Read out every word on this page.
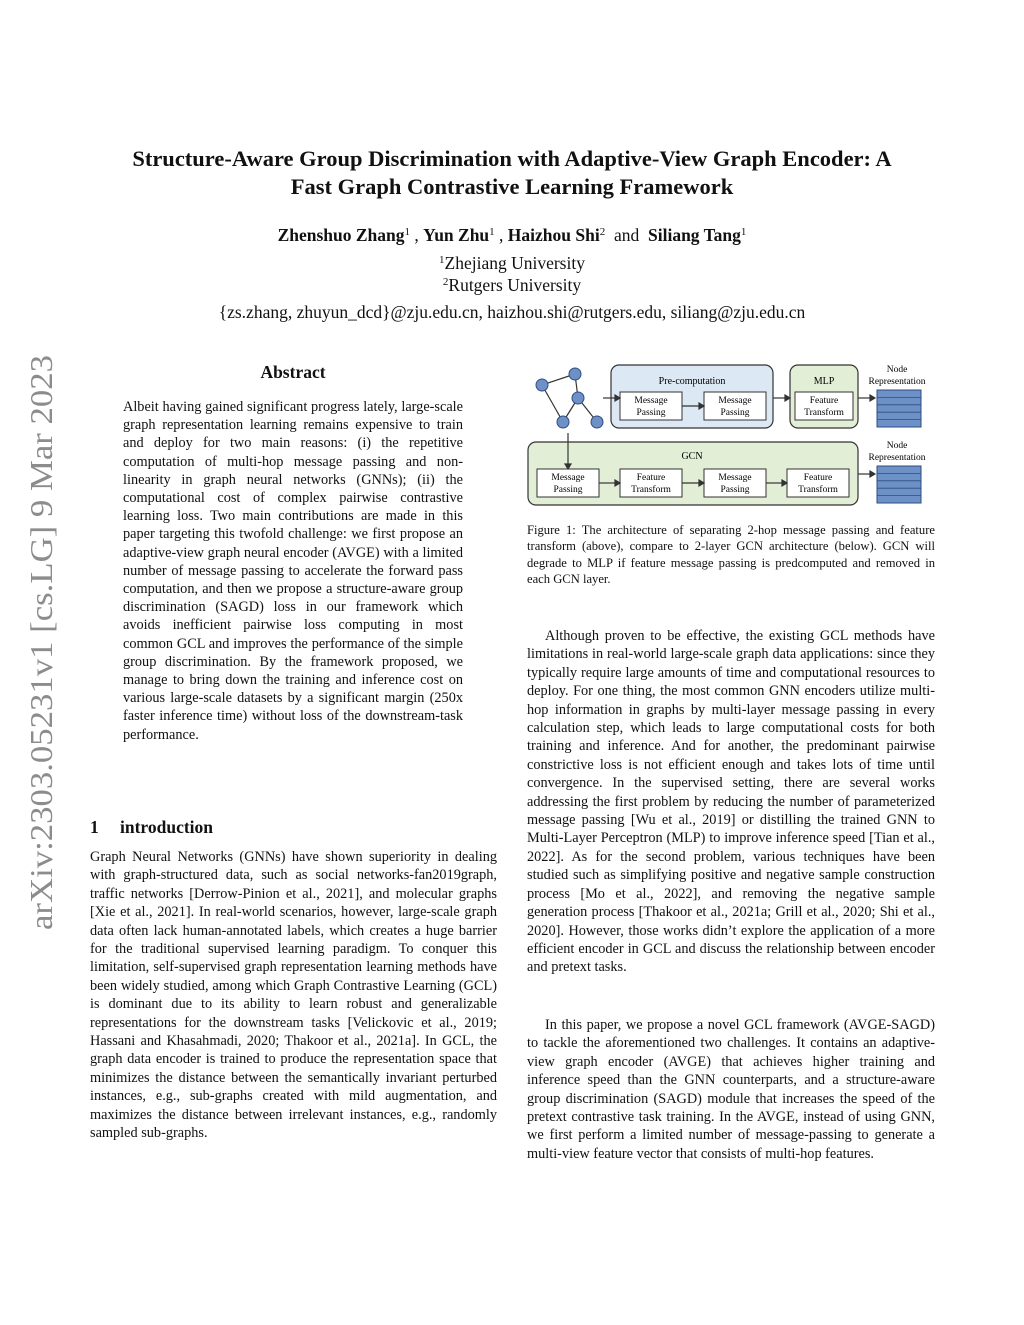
arXiv:2303.05231v1 [cs.LG] 9 Mar 2023
Structure-Aware Group Discrimination with Adaptive-View Graph Encoder: A
Fast Graph Contrastive Learning Framework
Zhenshuo Zhang$^1$ , Yun Zhu$^1$ , Haizhou Shi$^2$  and  Siliang Tang$^1$
$^1$Zhejiang University
$^2$Rutgers University
{zs.zhang, zhuyun_dcd}@zju.edu.cn, haizhou.shi@rutgers.edu, siliang@zju.edu.cn
Abstract

Albeit having gained significant progress lately, large-scale graph representation learning remains expensive to train and deploy for two main reasons: (i) the repetitive computation of multi-hop message passing and non-linearity in graph neural networks (GNNs); (ii) the computational cost of complex pairwise contrastive learning loss. Two main contributions are made in this paper targeting this twofold challenge: we first propose an adaptive-view graph neural encoder (AVGE) with a limited number of message passing to accelerate the forward pass computation, and then we propose a structure-aware group discrimination (SAGD) loss in our framework which avoids inefficient pairwise loss computing in most common GCL and improves the performance of the simple group discrimination. By the framework proposed, we manage to bring down the training and inference cost on various large-scale datasets by a significant margin (250x faster inference time) without loss of the downstream-task performance.

1 introduction

Graph Neural Networks (GNNs) have shown superiority in dealing with graph-structured data, such as social networks-fan2019graph, traffic networks [Derrow-Pinion et al., 2021], and molecular graphs [Xie et al., 2021]. In real-world scenarios, however, large-scale graph data often lack human-annotated labels, which creates a huge barrier for the traditional supervised learning paradigm. To conquer this limitation, self-supervised graph representation learning methods have been widely studied, among which Graph Contrastive Learning (GCL) is dominant due to its ability to learn robust and generalizable representations for the downstream tasks [Velickovic et al., 2019; Hassani and Khasahmadi, 2020; Thakoor et al., 2021a]. In GCL, the graph data encoder is trained to produce the representation space that minimizes the distance between the semantically invariant perturbed instances, e.g., sub-graphs created with mild augmentation, and maximizes the distance between irrelevant instances, e.g., randomly sampled sub-graphs.

Pre-computation
Message
Passing
Message
Passing
MLP
Feature
Transform
Node
Representation
GCN
Message
Passing
Feature
Transform
Message
Passing
Feature
Transform
Node
Representation

Figure 1: The architecture of separating 2-hop message passing and feature transform (above), compare to 2-layer GCN architecture (below). GCN will degrade to MLP if feature message passing is predcomputed and removed in each GCN layer.

Although proven to be effective, the existing GCL methods have limitations in real-world large-scale graph data applications: since they typically require large amounts of time and computational resources to deploy. For one thing, the most common GNN encoders utilize multi-hop information in graphs by multi-layer message passing in every calculation step, which leads to large computational costs for both training and inference. And for another, the predominant pairwise constrictive loss is not efficient enough and takes lots of time until convergence. In the supervised setting, there are several works addressing the first problem by reducing the number of parameterized message passing [Wu et al., 2019] or distilling the trained GNN to Multi-Layer Perceptron (MLP) to improve inference speed [Tian et al., 2022]. As for the second problem, various techniques have been studied such as simplifying positive and negative sample construction process [Mo et al., 2022], and removing the negative sample generation process [Thakoor et al., 2021a; Grill et al., 2020; Shi et al., 2020]. However, those works didn’t explore the application of a more efficient encoder in GCL and discuss the relationship between encoder and pretext tasks.

In this paper, we propose a novel GCL framework (AVGE-SAGD) to tackle the aforementioned two challenges. It contains an adaptive-view graph encoder (AVGE) that achieves higher training and inference speed than the GNN counterparts, and a structure-aware group discrimination (SAGD) module that increases the speed of the pretext contrastive task training. In the AVGE, instead of using GNN, we first perform a limited number of message-passing to generate a multi-view feature vector that consists of multi-hop features.
